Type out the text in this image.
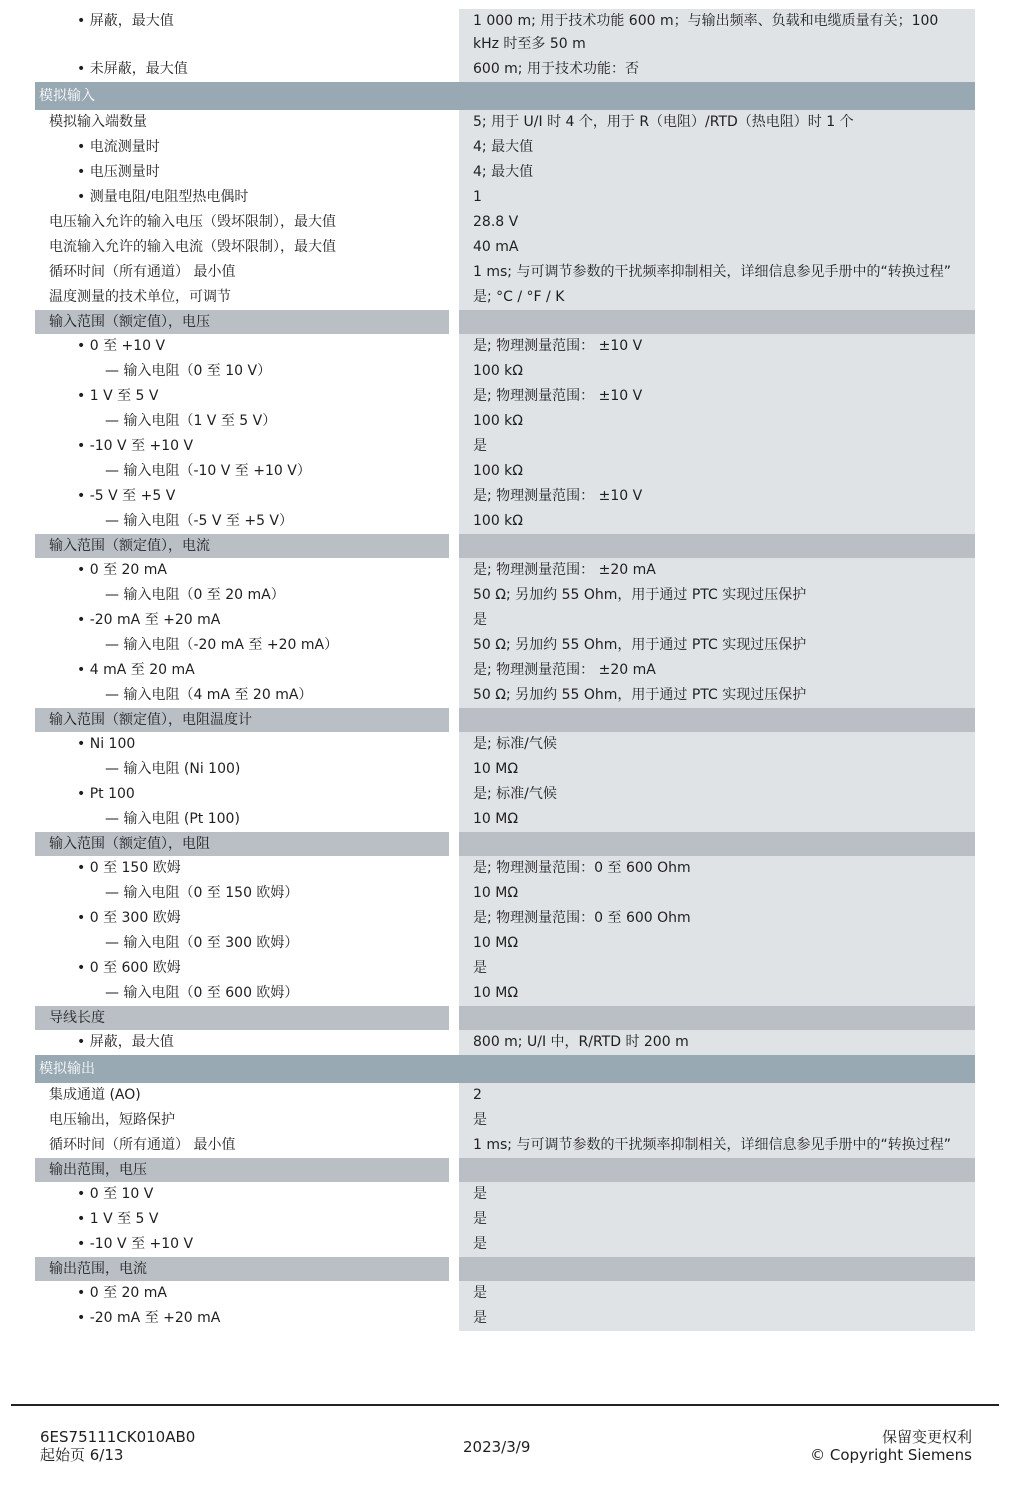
• 屏蔽，最大值	1 000 m; 用于技术功能 600 m；与输出频率、负载和电缆质量有关；100 kHz 时至多 50 m
• 未屏蔽，最大值	600 m; 用于技术功能：否
模拟输入
模拟输入端数量	5; 用于 U/I 时 4 个，用于 R（电阻）/RTD（热电阻）时 1 个
• 电流测量时	4; 最大值
• 电压测量时	4; 最大值
• 测量电阻/电阻型热电偶时	1
电压输入允许的输入电压（毁坏限制），最大值	28.8 V
电流输入允许的输入电流（毁坏限制），最大值	40 mA
循环时间（所有通道） 最小值	1 ms; 与可调节参数的干扰频率抑制相关，详细信息参见手册中的“转换过程”
温度测量的技术单位，可调节	是; °C / °F / K
输入范围（额定值），电压
• 0 至 +10 V	是; 物理测量范围： ±10 V
— 输入电阻（0 至 10 V）	100 kΩ
• 1 V 至 5 V	是; 物理测量范围： ±10 V
— 输入电阻（1 V 至 5 V）	100 kΩ
• -10 V 至 +10 V	是
— 输入电阻（-10 V 至 +10 V）	100 kΩ
• -5 V 至 +5 V	是; 物理测量范围： ±10 V
— 输入电阻（-5 V 至 +5 V）	100 kΩ
输入范围（额定值），电流
• 0 至 20 mA	是; 物理测量范围： ±20 mA
— 输入电阻（0 至 20 mA）	50 Ω; 另加约 55 Ohm，用于通过 PTC 实现过压保护
• -20 mA 至 +20 mA	是
— 输入电阻（-20 mA 至 +20 mA）	50 Ω; 另加约 55 Ohm，用于通过 PTC 实现过压保护
• 4 mA 至 20 mA	是; 物理测量范围： ±20 mA
— 输入电阻（4 mA 至 20 mA）	50 Ω; 另加约 55 Ohm，用于通过 PTC 实现过压保护
输入范围（额定值），电阻温度计
• Ni 100	是; 标准/气候
— 输入电阻 (Ni 100)	10 MΩ
• Pt 100	是; 标准/气候
— 输入电阻 (Pt 100)	10 MΩ
输入范围（额定值），电阻
• 0 至 150 欧姆	是; 物理测量范围：0 至 600 Ohm
— 输入电阻（0 至 150 欧姆）	10 MΩ
• 0 至 300 欧姆	是; 物理测量范围：0 至 600 Ohm
— 输入电阻（0 至 300 欧姆）	10 MΩ
• 0 至 600 欧姆	是
— 输入电阻（0 至 600 欧姆）	10 MΩ
导线长度
• 屏蔽，最大值	800 m; U/I 中，R/RTD 时 200 m
模拟输出
集成通道 (AO)	2
电压输出，短路保护	是
循环时间（所有通道） 最小值	1 ms; 与可调节参数的干扰频率抑制相关，详细信息参见手册中的“转换过程”
输出范围，电压
• 0 至 10 V	是
• 1 V 至 5 V	是
• -10 V 至 +10 V	是
输出范围，电流
• 0 至 20 mA	是
• -20 mA 至 +20 mA	是
6ES75111CK010AB0
起始页 6/13	2023/3/9
保留变更权利
© Copyright Siemens
